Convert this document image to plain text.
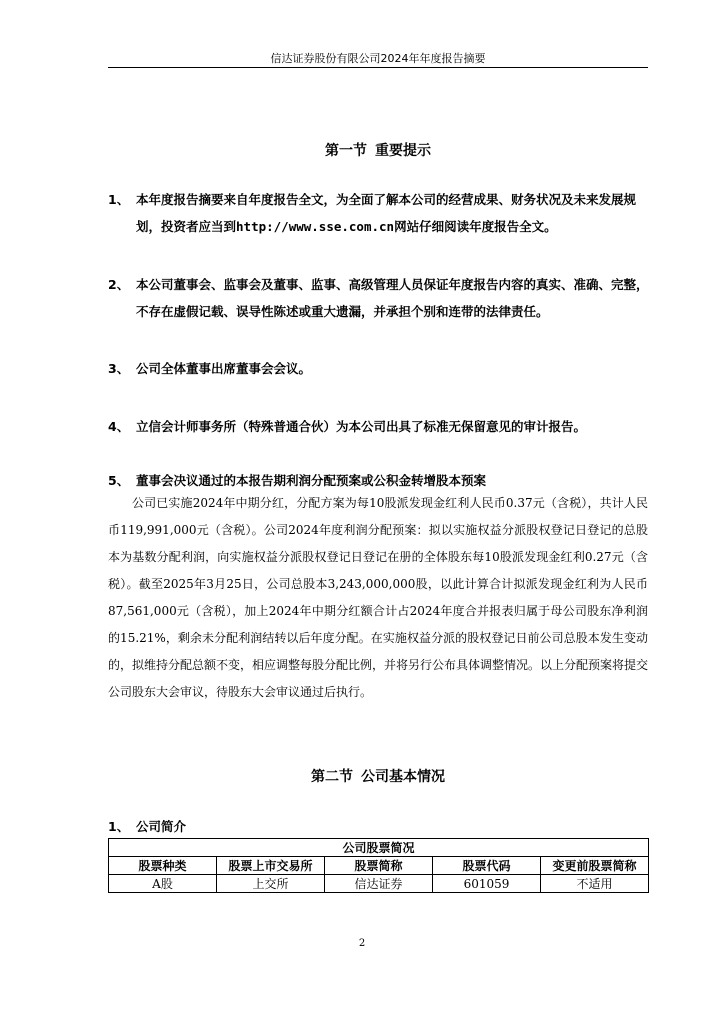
信达证券股份有限公司2024年年度报告摘要
第一节 重要提示
1、 本年度报告摘要来自年度报告全文，为全面了解本公司的经营成果、财务状况及未来发展规划，投资者应当到http://www.sse.com.cn网站仔细阅读年度报告全文。
2、 本公司董事会、监事会及董事、监事、高级管理人员保证年度报告内容的真实、准确、完整，不存在虚假记载、误导性陈述或重大遗漏，并承担个别和连带的法律责任。
3、 公司全体董事出席董事会会议。
4、 立信会计师事务所（特殊普通合伙）为本公司出具了标准无保留意见的审计报告。
5、 董事会决议通过的本报告期利润分配预案或公积金转增股本预案
公司已实施2024年中期分红，分配方案为每10股派发现金红利人民币0.37元（含税），共计人民币119,991,000元（含税）。公司2024年度利润分配预案：拟以实施权益分派股权登记日登记的总股本为基数分配利润，向实施权益分派股权登记日登记在册的全体股东每10股派发现金红利0.27元（含税）。截至2025年3月25日，公司总股本3,243,000,000股，以此计算合计拟派发现金红利为人民币87,561,000元（含税），加上2024年中期分红额合计占2024年度合并报表归属于母公司股东净利润的15.21%，剩余未分配利润结转以后年度分配。在实施权益分派的股权登记日前公司总股本发生变动的，拟维持分配总额不变，相应调整每股分配比例，并将另行公布具体调整情况。以上分配预案将提交公司股东大会审议，待股东大会审议通过后执行。
第二节 公司基本情况
1、 公司简介
公司股票简况				
股票种类	股票上市交易所	股票简称	股票代码	变更前股票简称
A股	上交所	信达证券	601059	不适用
2
